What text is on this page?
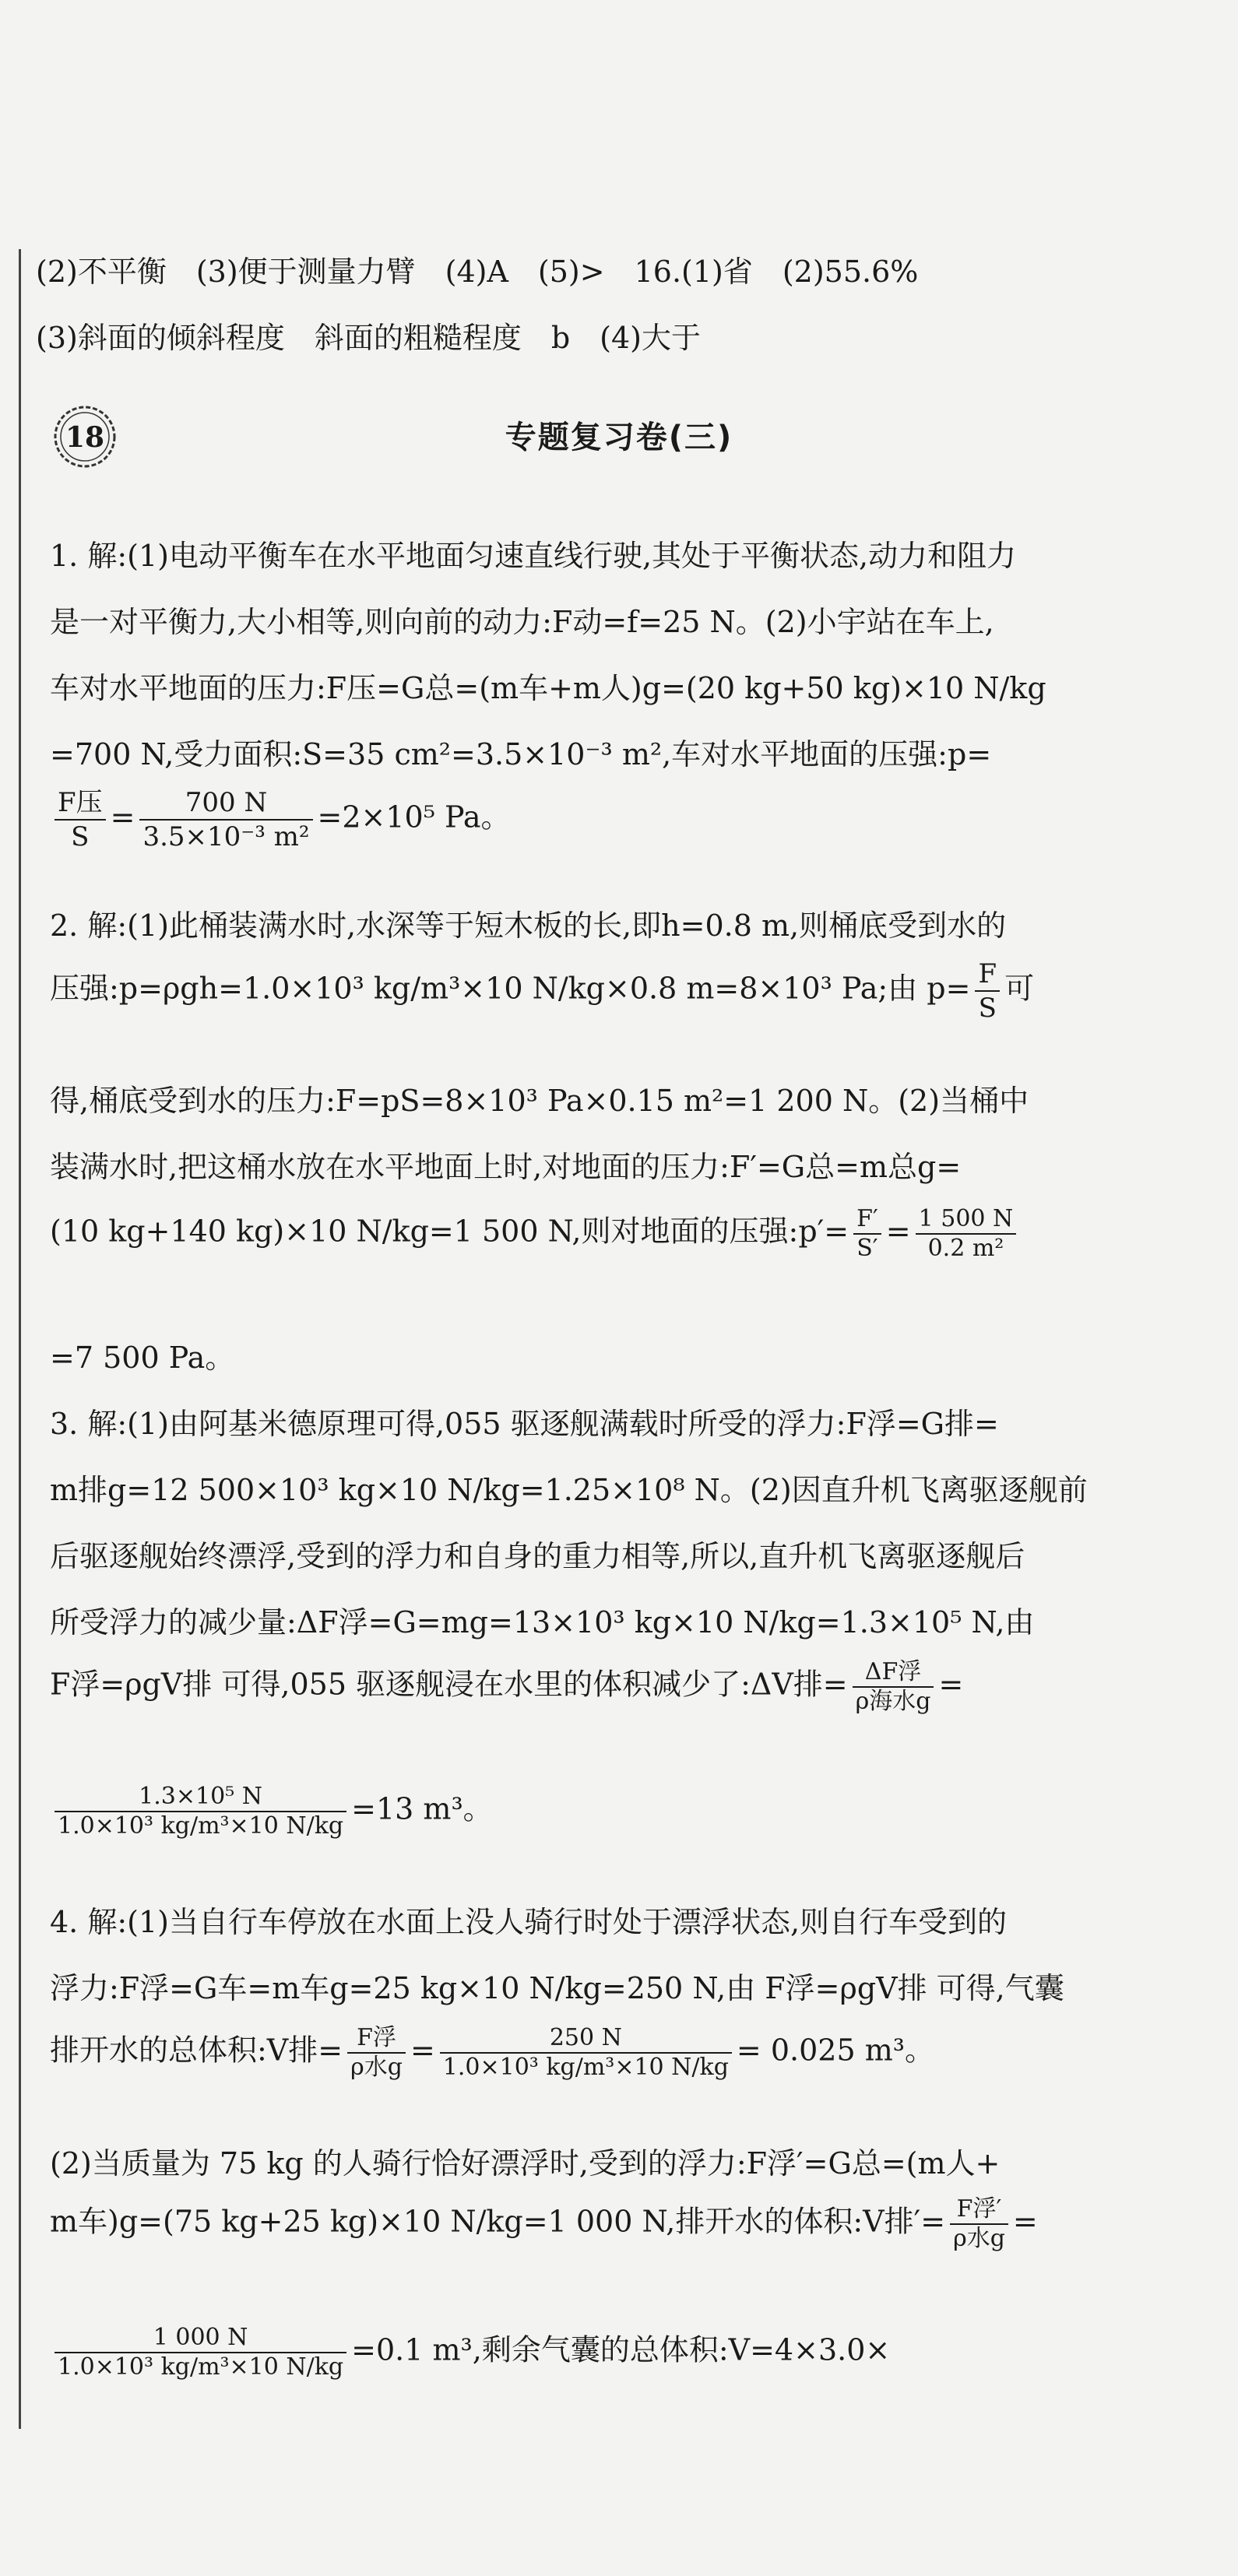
(2)不平衡　(3)便于测量力臂　(4)A　(5)>　16.(1)省　(2)55.6%
(3)斜面的倾斜程度　斜面的粗糙程度　b　(4)大于
18	专题复习卷(三)
1. 解:(1)电动平衡车在水平地面匀速直线行驶,其处于平衡状态,动力和阻力
是一对平衡力,大小相等,则向前的动力:F动=f=25 N。(2)小宇站在车上,
车对水平地面的压力:F压=G总=(m车+m人)g=(20 kg+50 kg)×10 N/kg
=700 N,受力面积:S=35 cm²=3.5×10⁻³ m²,车对水平地面的压强:p=
$\frac{\text{F压}}{S} = \frac{700 N}{\text{3.5×10⁻³ m²}} =2\times 10^5$ Pa。
2. 解:(1)此桶装满水时,水深等于短木板的长,即h=0.8 m,则桶底受到水的
压强:p=ρgh=1.0×10³ kg/m³×10 N/kg×0.8 m=8×10³ Pa;由 $p= \frac{F}{S}$ 可
得,桶底受到水的压力:F=pS=8×10³ Pa×0.15 m²=1 200 N。(2)当桶中
装满水时,把这桶水放在水平地面上时,对地面的压力:F′=G总=m总g=
(10 kg+140 kg)×10 N/kg=1 500 N,则对地面的压强:p′= $\frac{F'}{S'} = \frac{1 500 N}{\text{0.2 m²}}$
=7 500 Pa。
3. 解:(1)由阿基米德原理可得,055 驱逐舰满载时所受的浮力:F浮=G排=
m排g=12 500×10³ kg×10 N/kg=1.25×10⁸ N。(2)因直升机飞离驱逐舰前
后驱逐舰始终漂浮,受到的浮力和自身的重力相等,所以,直升机飞离驱逐舰后
所受浮力的减少量:ΔF浮=G=mg=13×10³ kg×10 N/kg=1.3×10⁵ N,由
F浮=ρgV排 可得,055 驱逐舰浸在水里的体积减少了:ΔV排= $\frac{\text{ΔF浮}}{\text{ρ海水g}}$ =
$\frac{\text{1.3×10⁵ N}}{\text{1.0×10³ kg/m³×10 N/kg}} =13$ m³。
4. 解:(1)当自行车停放在水面上没人骑行时处于漂浮状态,则自行车受到的
浮力:F浮=G车=m车g=25 kg×10 N/kg=250 N,由 F浮=ρgV排 可得,气囊
排开水的总体积:V排= $\frac{\text{F浮}}{\text{ρ水g}} = \frac{250 N}{\text{1.0×10³ kg/m³×10 N/kg}} = 0.025$ m³。
(2)当质量为 75 kg 的人骑行恰好漂浮时,受到的浮力:F浮′=G总=(m人+
m车)g=(75 kg+25 kg)×10 N/kg=1 000 N,排开水的体积:V排′= $\frac{\text{F浮′}}{\text{ρ水g}}$ =
$\frac{1 000 N}{\text{1.0×10³ kg/m³×10 N/kg}} =0.1$ m³,剩余气囊的总体积:V=4×3.0×
